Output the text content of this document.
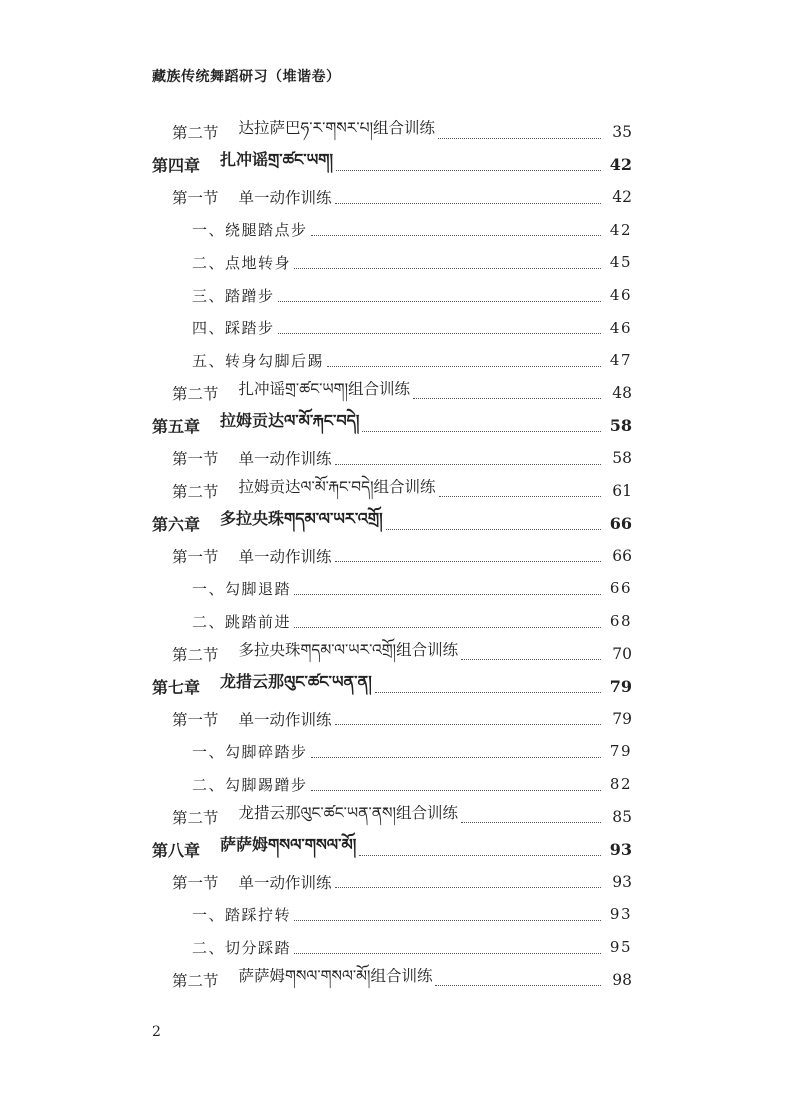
藏族传统舞蹈研习（堆谐卷）
第二节 达拉萨巴ཧ་ར་གསར་པ།组合训练	35
第四章 扎冲谣གྲ་ཚང་ཡག།	42
第一节 单一动作训练	42
一、 绕腿踏点步	42
二、 点地转身	45
三、 踏蹭步	46
四、 踩踏步	46
五、 转身勾脚后踢	47
第二节 扎冲谣གྲ་ཚང་ཡག།组合训练	48
第五章 拉姆贡达ལ་མོ་རྐང་བདེ།	58
第一节 单一动作训练	58
第二节 拉姆贡达ལ་མོ་རྐང་བདེ།组合训练	61
第六章 多拉央珠གདམ་ལ་ཡར་འགྲོ།	66
第一节 单一动作训练	66
一、 勾脚退踏	66
二、 跳踏前进	68
第二节 多拉央珠གདམ་ལ་ཡར་འགྲོ།组合训练	70
第七章 龙措云那ལུང་ཚང་ཡན་ན།	79
第一节 单一动作训练	79
一、 勾脚碎踏步	79
二、 勾脚踢蹭步	82
第二节 龙措云那ལུང་ཚང་ཡན་ནས།组合训练	85
第八章 萨萨姆གསལ་གསལ་མོ།	93
第一节 单一动作训练	93
一、 踏踩拧转	93
二、 切分踩踏	95
第二节 萨萨姆གསལ་གསལ་མོ།组合训练	98
2
